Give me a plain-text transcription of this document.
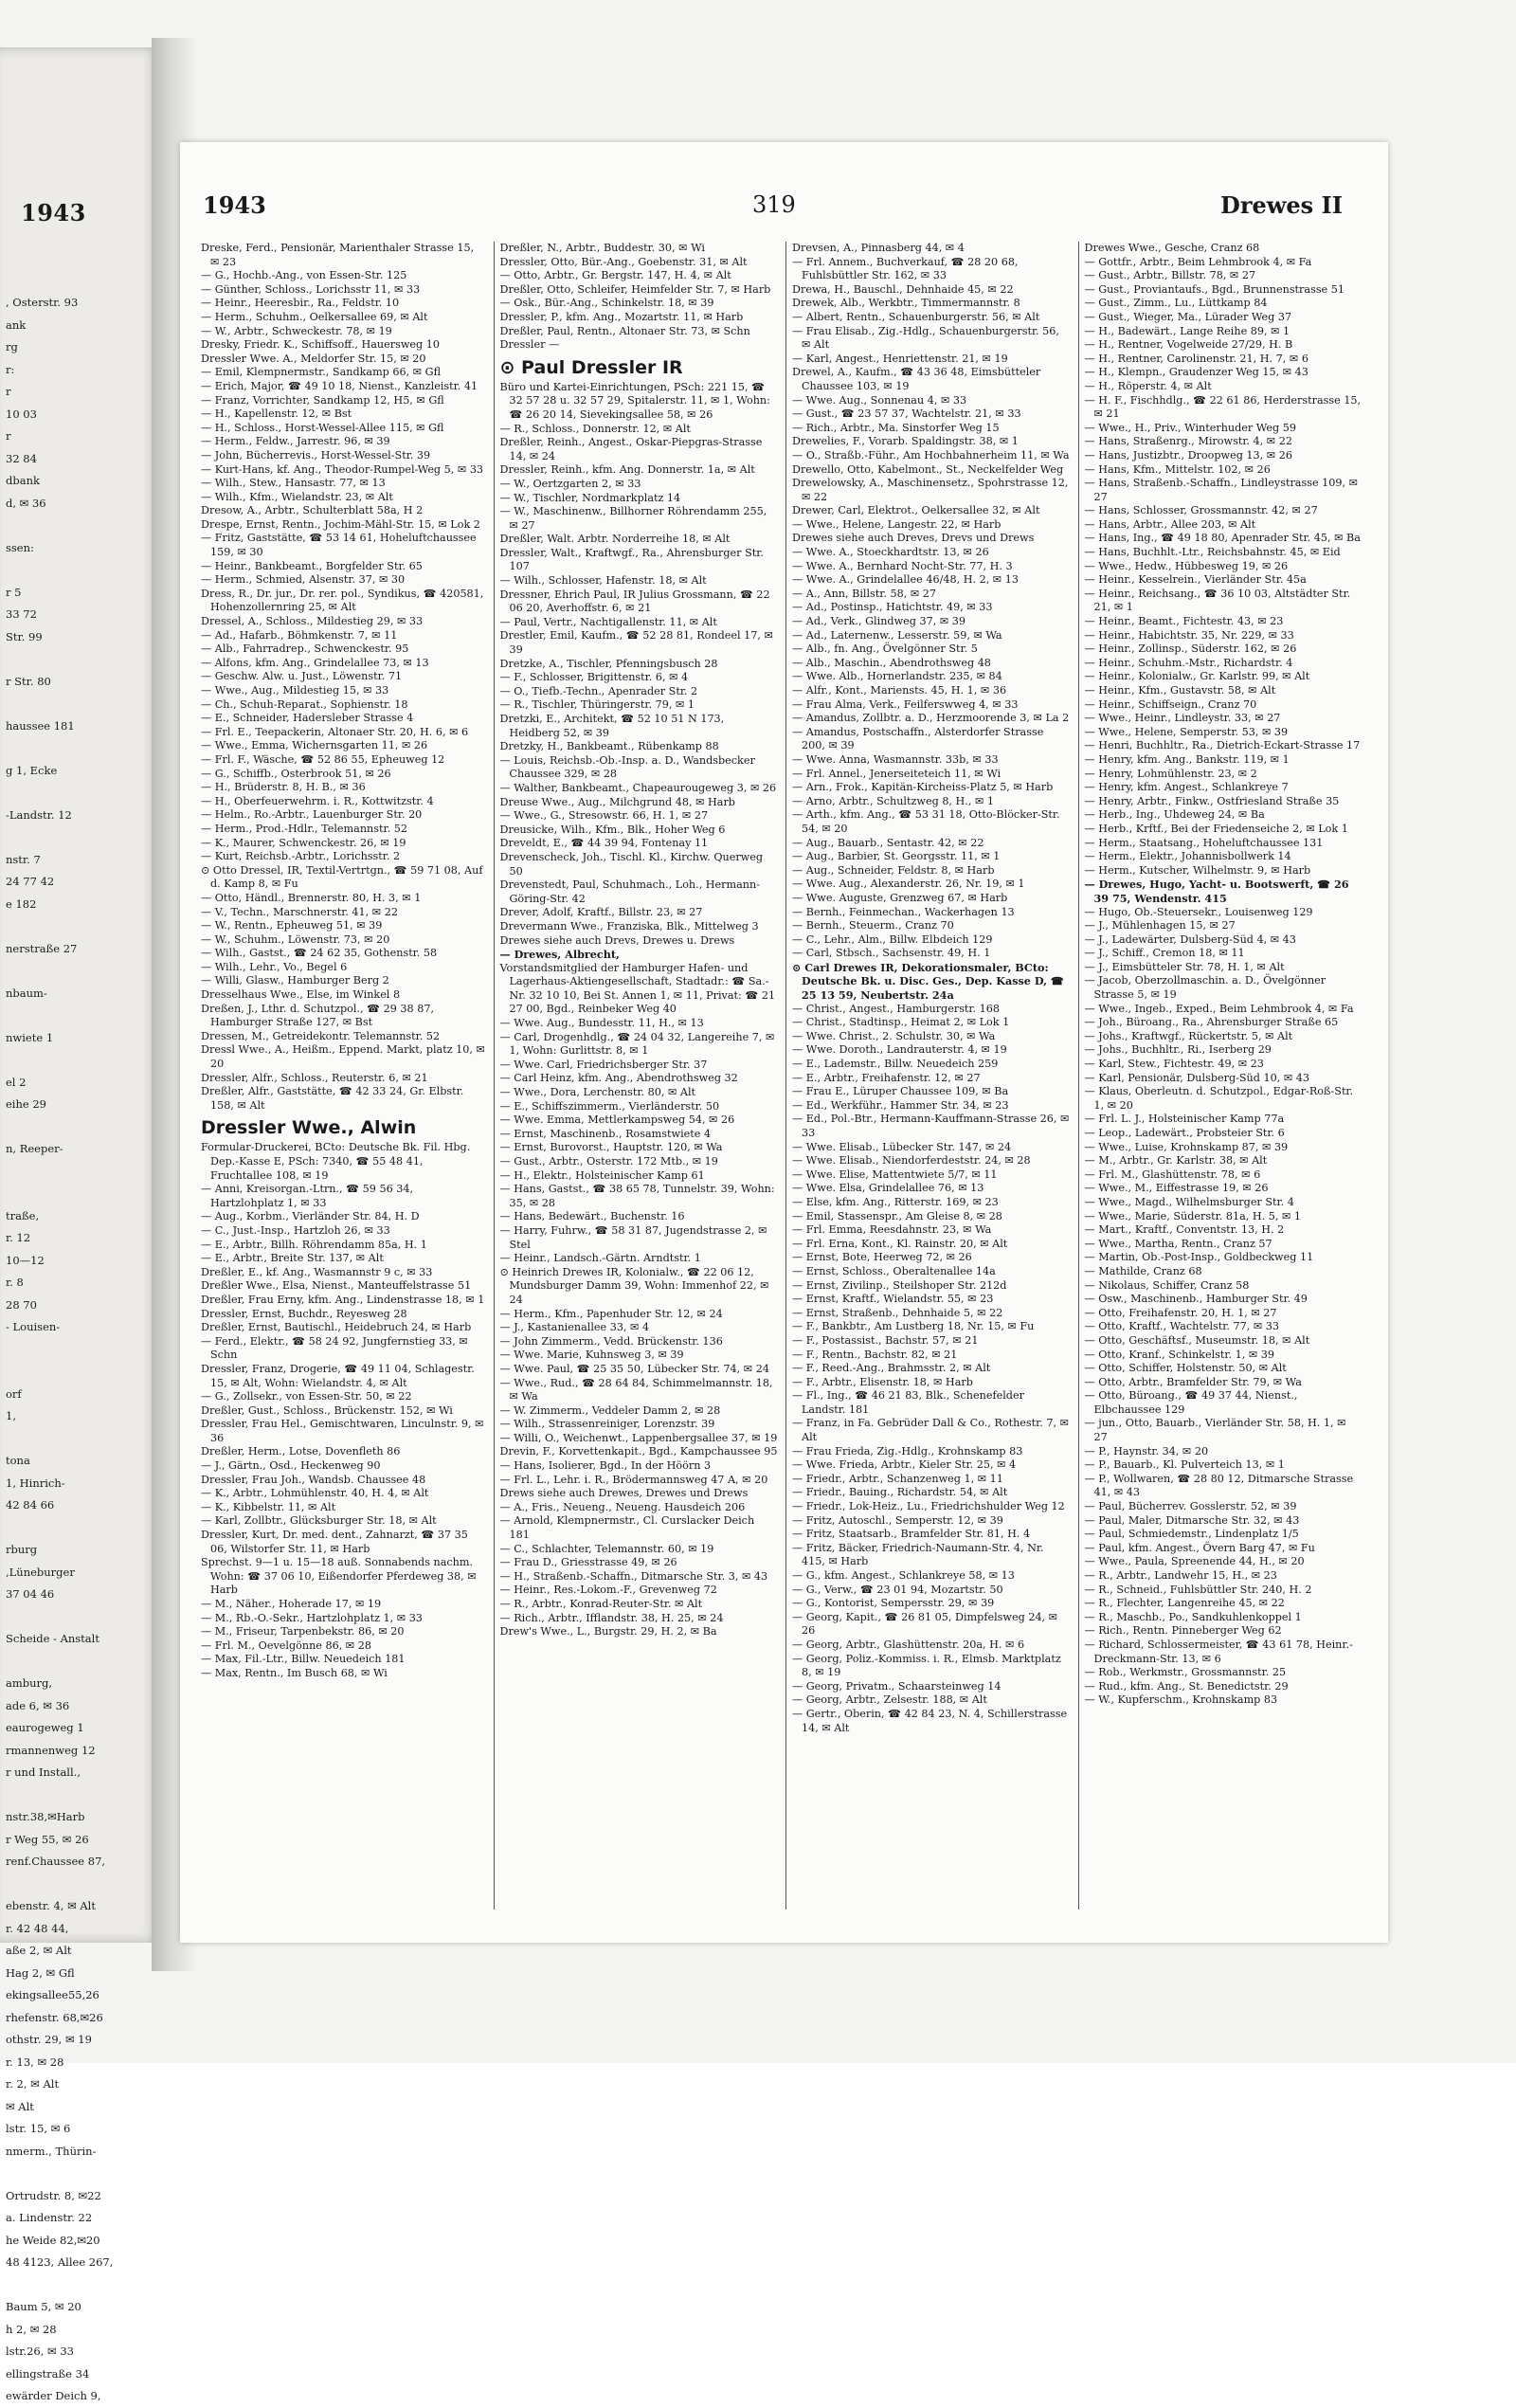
1943
, Osterstr. 93
ank
rg
r:
r
10 03
r
32 84
dbank
d, ✉ 36

ssen:

r 5
33 72
Str. 99

r Str. 80

haussee 181

g 1, Ecke

-Landstr. 12

nstr. 7
24 77 42
e 182

nerstraße 27

nbaum-

nwiete 1

el 2
eihe 29

n, Reeper-

traße,
r. 12
10—12
r. 8
28 70
- Louisen-

orf
1,

tona
1, Hinrich-
42 84 66

rburg
,Lüneburger
37 04 46

Scheide - Anstalt

amburg,
ade 6, ✉ 36
eaurogeweg 1
rmannenweg 12
r und Install.,

nstr.38,✉Harb
r Weg 55, ✉ 26
renf.Chaussee 87,

ebenstr. 4, ✉ Alt
r. 42 48 44,
aße 2, ✉ Alt
Hag 2, ✉ Gfl
ekingsallee55,26
rhefenstr. 68,✉26
othstr. 29, ✉ 19
r. 13, ✉ 28
r. 2, ✉ Alt
✉ Alt
lstr. 15, ✉ 6
nmerm., Thürin-

Ortrudstr. 8, ✉22
a. Lindenstr. 22
he Weide 82,✉20
48 4123, Allee 267,

Baum 5, ✉ 20
h 2, ✉ 28
lstr.26, ✉ 33
ellingstraße 34
ewärder Deich 9,
1943	319	Drewes II

Dreske, Ferd., Pensionär, Marienthaler Strasse 15, ✉ 23

— G., Hochb.-Ang., von Essen-Str. 125

— Günther, Schloss., Lorichsstr 11, ✉ 33

— Heinr., Heeresbir., Ra., Feldstr. 10

— Herm., Schuhm., Oelkersallee 69, ✉ Alt

— W., Arbtr., Schweckestr. 78, ✉ 19

Dresky, Friedr. K., Schiffsoff., Hauersweg 10

Dressler Wwe. A., Meldorfer Str. 15, ✉ 20

— Emil, Klempnermstr., Sandkamp 66, ✉ Gfl

— Erich, Major, ☎ 49 10 18, Nienst., Kanzleistr. 41

— Franz, Vorrichter, Sandkamp 12, H5, ✉ Gfl

— H., Kapellenstr. 12, ✉ Bst

— H., Schloss., Horst-Wessel-Allee 115, ✉ Gfl

— Herm., Feldw., Jarrestr. 96, ✉ 39

— John, Bücherrevis., Horst-Wessel-Str. 39

— Kurt-Hans, kf. Ang., Theodor-Rumpel-Weg 5, ✉ 33

— Wilh., Stew., Hansastr. 77, ✉ 13

— Wilh., Kfm., Wielandstr. 23, ✉ Alt

Dresow, A., Arbtr., Schulterblatt 58a, H 2

Drespe, Ernst, Rentn., Jochim-Mähl-Str. 15, ✉ Lok 2

— Fritz, Gaststätte, ☎ 53 14 61, Hoheluftchaussee 159, ✉ 30

— Heinr., Bankbeamt., Borgfelder Str. 65

— Herm., Schmied, Alsenstr. 37, ✉ 30

Dress, R., Dr. jur., Dr. rer. pol., Syndikus, ☎ 420581, Hohenzollernring 25, ✉ Alt

Dressel, A., Schloss., Mildestieg 29, ✉ 33

— Ad., Hafarb., Böhmkenstr. 7, ✉ 11

— Alb., Fahrradrep., Schwenckestr. 95

— Alfons, kfm. Ang., Grindelallee 73, ✉ 13

— Geschw. Alw. u. Just., Löwenstr. 71

— Wwe., Aug., Mildestieg 15, ✉ 33

— Ch., Schuh-Reparat., Sophienstr. 18

— E., Schneider, Hadersleber Strasse 4

— Frl. E., Teepackerin, Altonaer Str. 20, H. 6, ✉ 6

— Wwe., Emma, Wichernsgarten 11, ✉ 26

— Frl. F., Wäsche, ☎ 52 86 55, Epheuweg 12

— G., Schiffb., Osterbrook 51, ✉ 26

— H., Brüderstr. 8, H. B., ✉ 36

— H., Oberfeuerwehrm. i. R., Kottwitzstr. 4

— Helm., Ro.-Arbtr., Lauenburger Str. 20

— Herm., Prod.-Hdlr., Telemannstr. 52

— K., Maurer, Schwenckestr. 26, ✉ 19

— Kurt, Reichsb.-Arbtr., Lorichsstr. 2

⊙ Otto Dressel, IR, Textil-Vertrtgn., ☎ 59 71 08, Auf d. Kamp 8, ✉ Fu

— Otto, Händl., Brennerstr. 80, H. 3, ✉ 1

— V., Techn., Marschnerstr. 41, ✉ 22

— W., Rentn., Epheuweg 51, ✉ 39

— W., Schuhm., Löwenstr. 73, ✉ 20

— Wilh., Gastst., ☎ 24 62 35, Gothenstr. 58

— Wilh., Lehr., Vo., Begel 6

— Willi, Glasw., Hamburger Berg 2

Dresselhaus Wwe., Else, im Winkel 8

Dreßen, J., Lthr. d. Schutzpol., ☎ 29 38 87, Hamburger Straße 127, ✉ Bst

Dressen, M., Getreidekontr. Telemannstr. 52

Dressl Wwe., A., Heißm., Eppend. Markt, platz 10, ✉ 20

Dressler, Alfr., Schloss., Reuterstr. 6, ✉ 21

Dreßler, Alfr., Gaststätte, ☎ 42 33 24, Gr. Elbstr. 158, ✉ Alt

Dressler Wwe., Alwin

Formular-Druckerei, BCto: Deutsche Bk. Fil. Hbg. Dep.-Kasse E, PSch: 7340, ☎ 55 48 41, Fruchtallee 108, ✉ 19

— Anni, Kreisorgan.-Ltrn., ☎ 59 56 34, Hartzlohplatz 1, ✉ 33

— Aug., Korbm., Vierländer Str. 84, H. D

— C., Just.-Insp., Hartzloh 26, ✉ 33

— E., Arbtr., Billh. Röhrendamm 85a, H. 1

— E., Arbtr., Breite Str. 137, ✉ Alt

Dreßler, E., kf. Ang., Wasmannstr 9 c, ✉ 33

Dreßler Wwe., Elsa, Nienst., Manteuffelstrasse 51

Dreßler, Frau Erny, kfm. Ang., Lindenstrasse 18, ✉ 1

Dressler, Ernst, Buchdr., Reyesweg 28

Dreßler, Ernst, Bautischl., Heidebruch 24, ✉ Harb

— Ferd., Elektr., ☎ 58 24 92, Jungfernstieg 33, ✉ Schn

Dressler, Franz, Drogerie, ☎ 49 11 04, Schlagestr. 15, ✉ Alt, Wohn: Wielandstr. 4, ✉ Alt

— G., Zollsekr., von Essen-Str. 50, ✉ 22

Dreßler, Gust., Schloss., Brückenstr. 152, ✉ Wi

Dressler, Frau Hel., Gemischtwaren, Linculnstr. 9, ✉ 36

Dreßler, Herm., Lotse, Dovenfleth 86

— J., Gärtn., Osd., Heckenweg 90

Dressler, Frau Joh., Wandsb. Chaussee 48

— K., Arbtr., Lohmühlenstr. 40, H. 4, ✉ Alt

— K., Kibbelstr. 11, ✉ Alt

— Karl, Zollbtr., Glücksburger Str. 18, ✉ Alt

Dressler, Kurt, Dr. med. dent., Zahnarzt, ☎ 37 35 06, Wilstorfer Str. 11, ✉ Harb

Sprechst. 9—1 u. 15—18 auß. Sonnabends nachm. Wohn: ☎ 37 06 10, Eißendorfer Pferdeweg 38, ✉ Harb

— M., Näher., Hoherade 17, ✉ 19

— M., Rb.-O.-Sekr., Hartzlohplatz 1, ✉ 33

— M., Friseur, Tarpenbekstr. 86, ✉ 20

— Frl. M., Oevelgönne 86, ✉ 28

— Max, Fil.-Ltr., Billw. Neuedeich 181

— Max, Rentn., Im Busch 68, ✉ Wi

Dreßler, N., Arbtr., Buddestr. 30, ✉ Wi

Dressler, Otto, Bür.-Ang., Goebenstr. 31, ✉ Alt

— Otto, Arbtr., Gr. Bergstr. 147, H. 4, ✉ Alt

Dreßler, Otto, Schleifer, Heimfelder Str. 7, ✉ Harb

— Osk., Bür.-Ang., Schinkelstr. 18, ✉ 39

Dressler, P., kfm. Ang., Mozartstr. 11, ✉ Harb

Dreßler, Paul, Rentn., Altonaer Str. 73, ✉ Schn

Dressler —

⊙ Paul Dressler IR

Büro und Kartei-Einrichtungen, PSch: 221 15, ☎ 32 57 28 u. 32 57 29, Spitalerstr. 11, ✉ 1, Wohn: ☎ 26 20 14, Sievekingsallee 58, ✉ 26

— R., Schloss., Donnerstr. 12, ✉ Alt

Dreßler, Reinh., Angest., Oskar-Piepgras-Strasse 14, ✉ 24

Dressler, Reinh., kfm. Ang. Donnerstr. 1a, ✉ Alt

— W., Oertzgarten 2, ✉ 33

— W., Tischler, Nordmarkplatz 14

— W., Maschinenw., Billhorner Röhrendamm 255, ✉ 27

Dreßler, Walt. Arbtr. Norderreihe 18, ✉ Alt

Dressler, Walt., Kraftwgf., Ra., Ahrensburger Str. 107

— Wilh., Schlosser, Hafenstr. 18, ✉ Alt

Dressner, Ehrich Paul, IR Julius Grossmann, ☎ 22 06 20, Averhoffstr. 6, ✉ 21

— Paul, Vertr., Nachtigallenstr. 11, ✉ Alt

Drestler, Emil, Kaufm., ☎ 52 28 81, Rondeel 17, ✉ 39

Dretzke, A., Tischler, Pfenningsbusch 28

— F., Schlosser, Brigittenstr. 6, ✉ 4

— O., Tiefb.-Techn., Apenrader Str. 2

— R., Tischler, Thüringerstr. 79, ✉ 1

Dretzki, E., Architekt, ☎ 52 10 51 N 173, Heidberg 52, ✉ 39

Dretzky, H., Bankbeamt., Rübenkamp 88

— Louis, Reichsb.-Ob.-Insp. a. D., Wandsbecker Chaussee 329, ✉ 28

— Walther, Bankbeamt., Chapeaurougeweg 3, ✉ 26

Dreuse Wwe., Aug., Milchgrund 48, ✉ Harb

— Wwe., G., Stresowstr. 66, H. 1, ✉ 27

Dreusicke, Wilh., Kfm., Blk., Hoher Weg 6

Dreveldt, E., ☎ 44 39 94, Fontenay 11

Drevenscheck, Joh., Tischl. Kl., Kirchw. Querweg 50

Drevenstedt, Paul, Schuhmach., Loh., Hermann-Göring-Str. 42

Drever, Adolf, Kraftf., Billstr. 23, ✉ 27

Drevermann Wwe., Franziska, Blk., Mittelweg 3

Drewes siehe auch Drevs, Drewes u. Drews

— Drewes, Albrecht,

Vorstandsmitglied der Hamburger Hafen- und Lagerhaus-Aktiengesellschaft, Stadtadr.: ☎ Sa.-Nr. 32 10 10, Bei St. Annen 1, ✉ 11, Privat: ☎ 21 27 00, Bgd., Reinbeker Weg 40

— Wwe. Aug., Bundesstr. 11, H., ✉ 13

— Carl, Drogenhdlg., ☎ 24 04 32, Langereihe 7, ✉ 1, Wohn: Gurlittstr. 8, ✉ 1

— Wwe. Carl, Friedrichsberger Str. 37

— Carl Heinz, kfm. Ang., Abendrothsweg 32

— Wwe., Dora, Lerchenstr. 80, ✉ Alt

— E., Schiffszimmerm., Vierländerstr. 50

— Wwe. Emma, Mettlerkampsweg 54, ✉ 26

— Ernst, Maschinenb., Rosamstwiete 4

— Ernst, Burovorst., Hauptstr. 120, ✉ Wa

— Gust., Arbtr., Osterstr. 172 Mtb., ✉ 19

— H., Elektr., Holsteinischer Kamp 61

— Hans, Gastst., ☎ 38 65 78, Tunnelstr. 39, Wohn: 35, ✉ 28

— Hans, Bedewärt., Buchenstr. 16

— Harry, Fuhrw., ☎ 58 31 87, Jugendstrasse 2, ✉ Stel

— Heinr., Landsch.-Gärtn. Arndtstr. 1

⊙ Heinrich Drewes IR, Kolonialw., ☎ 22 06 12, Mundsburger Damm 39, Wohn: Immenhof 22, ✉ 24

— Herm., Kfm., Papenhuder Str. 12, ✉ 24

— J., Kastanienallee 33, ✉ 4

— John Zimmerm., Vedd. Brückenstr. 136

— Wwe. Marie, Kuhnsweg 3, ✉ 39

— Wwe. Paul, ☎ 25 35 50, Lübecker Str. 74, ✉ 24

— Wwe., Rud., ☎ 28 64 84, Schimmelmannstr. 18, ✉ Wa

— W. Zimmerm., Veddeler Damm 2, ✉ 28

— Wilh., Strassenreiniger, Lorenzstr. 39

— Willi, O., Weichenwt., Lappenbergsallee 37, ✉ 19

Drevin, F., Korvettenkapit., Bgd., Kampchaussee 95

— Hans, Isolierer, Bgd., In der Höörn 3

— Frl. L., Lehr. i. R., Brödermannsweg 47 A, ✉ 20

Drews siehe auch Drewes, Drewes und Drews

— A., Fris., Neueng., Neueng. Hausdeich 206

— Arnold, Klempnermstr., Cl. Curslacker Deich 181

— C., Schlachter, Telemannstr. 60, ✉ 19

— Frau D., Griesstrasse 49, ✉ 26

— H., Straßenb.-Schaffn., Ditmarsche Str. 3, ✉ 43

— Heinr., Res.-Lokom.-F., Grevenweg 72

— R., Arbtr., Konrad-Reuter-Str. ✉ Alt

— Rich., Arbtr., Ifflandstr. 38, H. 25, ✉ 24

Drew's Wwe., L., Burgstr. 29, H. 2, ✉ Ba

Drevsen, A., Pinnasberg 44, ✉ 4

— Frl. Annem., Buchverkauf, ☎ 28 20 68, Fuhlsbüttler Str. 162, ✉ 33

Drewa, H., Bauschl., Dehnhaide 45, ✉ 22

Drewek, Alb., Werkbtr., Timmermannstr. 8

— Albert, Rentn., Schauenburgerstr. 56, ✉ Alt

— Frau Elisab., Zig.-Hdlg., Schauenburgerstr. 56, ✉ Alt

— Karl, Angest., Henriettenstr. 21, ✉ 19

Drewel, A., Kaufm., ☎ 43 36 48, Eimsbütteler Chaussee 103, ✉ 19

— Wwe. Aug., Sonnenau 4, ✉ 33

— Gust., ☎ 23 57 37, Wachtelstr. 21, ✉ 33

— Rich., Arbtr., Ma. Sinstorfer Weg 15

Drewelies, F., Vorarb. Spaldingstr. 38, ✉ 1

— O., Straßb.-Führ., Am Hochbahnerheim 11, ✉ Wa

Drewello, Otto, Kabelmont., St., Neckelfelder Weg

Drewelowsky, A., Maschinensetz., Spohrstrasse 12, ✉ 22

Drewer, Carl, Elektrot., Oelkersallee 32, ✉ Alt

— Wwe., Helene, Langestr. 22, ✉ Harb

Drewes siehe auch Dreves, Drevs und Drews

— Wwe. A., Stoeckhardtstr. 13, ✉ 26

— Wwe. A., Bernhard Nocht-Str. 77, H. 3

— Wwe. A., Grindelallee 46/48, H. 2, ✉ 13

— A., Ann, Billstr. 58, ✉ 27

— Ad., Postinsp., Hatichtstr. 49, ✉ 33

— Ad., Verk., Glindweg 37, ✉ 39

— Ad., Laternenw., Lesserstr. 59, ✉ Wa

— Alb., fn. Ang., Övelgönner Str. 5

— Alb., Maschin., Abendrothsweg 48

— Wwe. Alb., Hornerlandstr. 235, ✉ 84

— Alfr., Kont., Mariensts. 45, H. 1, ✉ 36

— Frau Alma, Verk., Feilferswweg 4, ✉ 33

— Amandus, Zollbtr. a. D., Herzmoorende 3, ✉ La 2

— Amandus, Postschaffn., Alsterdorfer Strasse 200, ✉ 39

— Wwe. Anna, Wasmannstr. 33b, ✉ 33

— Frl. Annel., Jenerseiteteich 11, ✉ Wi

— Arn., Frok., Kapitän-Kircheiss-Platz 5, ✉ Harb

— Arno, Arbtr., Schultzweg 8, H., ✉ 1

— Arth., kfm. Ang., ☎ 53 31 18, Otto-Blöcker-Str. 54, ✉ 20

— Aug., Bauarb., Sentastr. 42, ✉ 22

— Aug., Barbier, St. Georgsstr. 11, ✉ 1

— Aug., Schneider, Feldstr. 8, ✉ Harb

— Wwe. Aug., Alexanderstr. 26, Nr. 19, ✉ 1

— Wwe. Auguste, Grenzweg 67, ✉ Harb

— Bernh., Feinmechan., Wackerhagen 13

— Bernh., Steuerm., Cranz 70

— C., Lehr., Alm., Billw. Elbdeich 129

— Carl, Stbsch., Sachsenstr. 49, H. 1

⊙ Carl Drewes IR, Dekorationsmaler, BCto: Deutsche Bk. u. Disc. Ges., Dep. Kasse D, ☎ 25 13 59, Neubertstr. 24a

— Christ., Angest., Hamburgerstr. 168

— Christ., Stadtinsp., Heimat 2, ✉ Lok 1

— Wwe. Christ., 2. Schulstr. 30, ✉ Wa

— Wwe. Doroth., Landrauterstr. 4, ✉ 19

— E., Lademstr., Billw. Neuedeich 259

— E., Arbtr., Freihafenstr. 12, ✉ 27

— Frau E., Lüruper Chaussee 109, ✉ Ba

— Ed., Werkführ., Hammer Str. 34, ✉ 23

— Ed., Pol.-Btr., Hermann-Kauffmann-Strasse 26, ✉ 33

— Wwe. Elisab., Lübecker Str. 147, ✉ 24

— Wwe. Elisab., Niendorferdeststr. 24, ✉ 28

— Wwe. Elise, Mattentwiete 5/7, ✉ 11

— Wwe. Elsa, Grindelallee 76, ✉ 13

— Else, kfm. Ang., Ritterstr. 169, ✉ 23

— Emil, Stassenspr., Am Gleise 8, ✉ 28

— Frl. Emma, Reesdahnstr. 23, ✉ Wa

— Frl. Erna, Kont., Kl. Rainstr. 20, ✉ Alt

— Ernst, Bote, Heerweg 72, ✉ 26

— Ernst, Schloss., Oberaltenallee 14a

— Ernst, Zivilinp., Steilshoper Str. 212d

— Ernst, Kraftf., Wielandstr. 55, ✉ 23

— Ernst, Straßenb., Dehnhaide 5, ✉ 22

— F., Bankbtr., Am Lustberg 18, Nr. 15, ✉ Fu

— F., Postassist., Bachstr. 57, ✉ 21

— F., Rentn., Bachstr. 82, ✉ 21

— F., Reed.-Ang., Brahmsstr. 2, ✉ Alt

— F., Arbtr., Elisenstr. 18, ✉ Harb

— Fl., Ing., ☎ 46 21 83, Blk., Schenefelder Landstr. 181

— Franz, in Fa. Gebrüder Dall & Co., Rothestr. 7, ✉ Alt

— Frau Frieda, Zig.-Hdlg., Krohnskamp 83

— Wwe. Frieda, Arbtr., Kieler Str. 25, ✉ 4

— Friedr., Arbtr., Schanzenweg 1, ✉ 11

— Friedr., Bauing., Richardstr. 54, ✉ Alt

— Friedr., Lok-Heiz., Lu., Friedrichshulder Weg 12

— Fritz, Autoschl., Semperstr. 12, ✉ 39

— Fritz, Staatsarb., Bramfelder Str. 81, H. 4

— Fritz, Bäcker, Friedrich-Naumann-Str. 4, Nr. 415, ✉ Harb

— G., kfm. Angest., Schlankreye 58, ✉ 13

— G., Verw., ☎ 23 01 94, Mozartstr. 50

— G., Kontorist, Sempersstr. 29, ✉ 39

— Georg, Kapit., ☎ 26 81 05, Dimpfelsweg 24, ✉ 26

— Georg, Arbtr., Glashüttenstr. 20a, H. ✉ 6

— Georg, Poliz.-Kommiss. i. R., Elmsb. Marktplatz 8, ✉ 19

— Georg, Privatm., Schaarsteinweg 14

— Georg, Arbtr., Zelsestr. 188, ✉ Alt

— Gertr., Oberin, ☎ 42 84 23, N. 4, Schillerstrasse 14, ✉ Alt

Drewes Wwe., Gesche, Cranz 68

— Gottfr., Arbtr., Beim Lehmbrook 4, ✉ Fa

— Gust., Arbtr., Billstr. 78, ✉ 27

— Gust., Proviantaufs., Bgd., Brunnenstrasse 51

— Gust., Zimm., Lu., Lüttkamp 84

— Gust., Wieger, Ma., Lürader Weg 37

— H., Badewärt., Lange Reihe 89, ✉ 1

— H., Rentner, Vogelweide 27/29, H. B

— H., Rentner, Carolinenstr. 21, H. 7, ✉ 6

— H., Klempn., Graudenzer Weg 15, ✉ 43

— H., Röperstr. 4, ✉ Alt

— H. F., Fischhdlg., ☎ 22 61 86, Herderstrasse 15, ✉ 21

— Wwe., H., Priv., Winterhuder Weg 59

— Hans, Straßenrg., Mirowstr. 4, ✉ 22

— Hans, Justizbtr., Droopweg 13, ✉ 26

— Hans, Kfm., Mittelstr. 102, ✉ 26

— Hans, Straßenb.-Schaffn., Lindleystrasse 109, ✉ 27

— Hans, Schlosser, Grossmannstr. 42, ✉ 27

— Hans, Arbtr., Allee 203, ✉ Alt

— Hans, Ing., ☎ 49 18 80, Apenrader Str. 45, ✉ Ba

— Hans, Buchhlt.-Ltr., Reichsbahnstr. 45, ✉ Eid

— Wwe., Hedw., Hübbesweg 19, ✉ 26

— Heinr., Kesselrein., Vierländer Str. 45a

— Heinr., Reichsang., ☎ 36 10 03, Altstädter Str. 21, ✉ 1

— Heinr., Beamt., Fichtestr. 43, ✉ 23

— Heinr., Habichtstr. 35, Nr. 229, ✉ 33

— Heinr., Zollinsp., Süderstr. 162, ✉ 26

— Heinr., Schuhm.-Mstr., Richardstr. 4

— Heinr., Kolonialw., Gr. Karlstr. 99, ✉ Alt

— Heinr., Kfm., Gustavstr. 58, ✉ Alt

— Heinr., Schiffseign., Cranz 70

— Wwe., Heinr., Lindleystr. 33, ✉ 27

— Wwe., Helene, Semperstr. 53, ✉ 39

— Henri, Buchhltr., Ra., Dietrich-Eckart-Strasse 17

— Henry, kfm. Ang., Bankstr. 119, ✉ 1

— Henry, Lohmühlenstr. 23, ✉ 2

— Henry, kfm. Angest., Schlankreye 7

— Henry, Arbtr., Finkw., Ostfriesland Straße 35

— Herb., Ing., Uhdeweg 24, ✉ Ba

— Herb., Krftf., Bei der Friedenseiche 2, ✉ Lok 1

— Herm., Staatsang., Hoheluftchaussee 131

— Herm., Elektr., Johannisbollwerk 14

— Herm., Kutscher, Wilhelmstr. 9, ✉ Harb

— Drewes, Hugo, Yacht- u. Bootswerft, ☎ 26 39 75, Wendenstr. 415

— Hugo, Ob.-Steuersekr., Louisenweg 129

— J., Mühlenhagen 15, ✉ 27

— J., Ladewärter, Dulsberg-Süd 4, ✉ 43

— J., Schiff., Cremon 18, ✉ 11

— J., Eimsbütteler Str. 78, H. 1, ✉ Alt

— Jacob, Oberzollmaschin. a. D., Övelgönner Strasse 5, ✉ 19

— Wwe., Ingeb., Exped., Beim Lehmbrook 4, ✉ Fa

— Joh., Büroang., Ra., Ahrensburger Straße 65

— Johs., Kraftwgf., Rückertstr. 5, ✉ Alt

— Johs., Buchhltr., Ri., Iserberg 29

— Karl, Stew., Fichtestr. 49, ✉ 23

— Karl, Pensionär, Dulsberg-Süd 10, ✉ 43

— Klaus, Oberleutn. d. Schutzpol., Edgar-Roß-Str. 1, ✉ 20

— Frl. L. J., Holsteinischer Kamp 77a

— Leop., Ladewärt., Probsteier Str. 6

— Wwe., Luise, Krohnskamp 87, ✉ 39

— M., Arbtr., Gr. Karlstr. 38, ✉ Alt

— Frl. M., Glashüttenstr. 78, ✉ 6

— Wwe., M., Eiffestrasse 19, ✉ 26

— Wwe., Magd., Wilhelmsburger Str. 4

— Wwe., Marie, Süderstr. 81a, H. 5, ✉ 1

— Mart., Kraftf., Conventstr. 13, H. 2

— Wwe., Martha, Rentn., Cranz 57

— Martin, Ob.-Post-Insp., Goldbeckweg 11

— Mathilde, Cranz 68

— Nikolaus, Schiffer, Cranz 58

— Osw., Maschinenb., Hamburger Str. 49

— Otto, Freihafenstr. 20, H. 1, ✉ 27

— Otto, Kraftf., Wachtelstr. 77, ✉ 33

— Otto, Geschäftsf., Museumstr. 18, ✉ Alt

— Otto, Kranf., Schinkelstr. 1, ✉ 39

— Otto, Schiffer, Holstenstr. 50, ✉ Alt

— Otto, Arbtr., Bramfelder Str. 79, ✉ Wa

— Otto, Büroang., ☎ 49 37 44, Nienst., Elbchaussee 129

— jun., Otto, Bauarb., Vierländer Str. 58, H. 1, ✉ 27

— P., Haynstr. 34, ✉ 20

— P., Bauarb., Kl. Pulverteich 13, ✉ 1

— P., Wollwaren, ☎ 28 80 12, Ditmarsche Strasse 41, ✉ 43

— Paul, Bücherrev. Gosslerstr. 52, ✉ 39

— Paul, Maler, Ditmarsche Str. 32, ✉ 43

— Paul, Schmiedemstr., Lindenplatz 1/5

— Paul, kfm. Angest., Övern Barg 47, ✉ Fu

— Wwe., Paula, Spreenende 44, H., ✉ 20

— R., Arbtr., Landwehr 15, H., ✉ 23

— R., Schneid., Fuhlsbüttler Str. 240, H. 2

— R., Flechter, Langenreihe 45, ✉ 22

— R., Maschb., Po., Sandkuhlenkoppel 1

— Rich., Rentn. Pinneberger Weg 62

— Richard, Schlossermeister, ☎ 43 61 78, Heinr.-Dreckmann-Str. 13, ✉ 6

— Rob., Werkmstr., Grossmannstr. 25

— Rud., kfm. Ang., St. Benedictstr. 29

— W., Kupferschm., Krohnskamp 83
